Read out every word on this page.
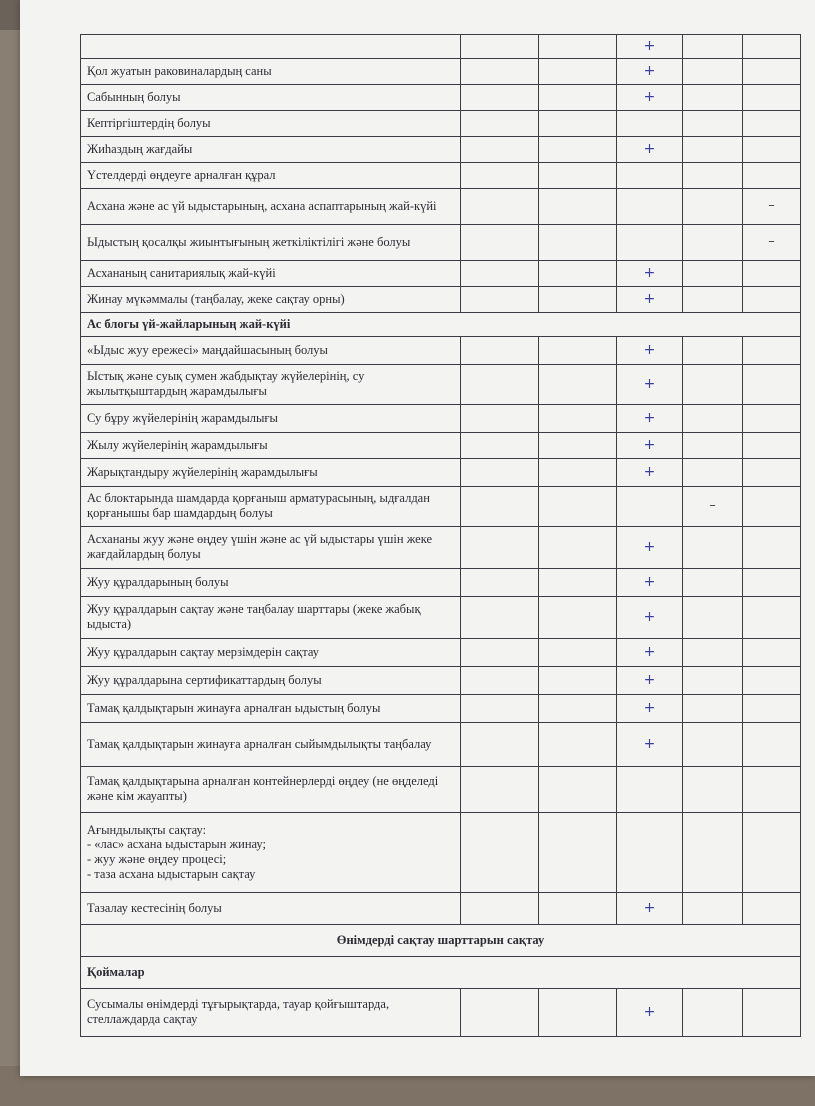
			+		
Қол жуатын раковиналардың саны			+		
Сабынның болуы			+		
Кептіргіштердің болуы					
Жиһаздың жағдайы			+		
Үстелдерді өңдеуге арналған құрал					
Асхана және ас үй ыдыстарының, асхана аспаптарының жай-күйі					–
Ыдыстың қосалқы жиынтығының жеткіліктілігі және болуы					–
Асхананың санитариялық жай-күйі			+		
Жинау мүкәммалы (таңбалау, жеке сақтау орны)			+		
Ас блогы үй-жайларының жай-күйі					
«Ыдыс жуу ережесі» маңдайшасының болуы			+		
Ыстық және суық сумен жабдықтау жүйелерінің, су жылытқыштардың жарамдылығы			+		
Су бұру жүйелерінің жарамдылығы			+		
Жылу жүйелерінің жарамдылығы			+		
Жарықтандыру жүйелерінің жарамдылығы			+		
Ас блоктарында шамдарда қорғаныш арматурасының, ыдғалдан қорғанышы бар шамдардың болуы				–	
Асхананы жуу және өңдеу үшін және ас үй ыдыстары үшін жеке жағдайлардың болуы			+		
Жуу құралдарының болуы			+		
Жуу құралдарын сақтау және таңбалау шарттары (жеке жабық ыдыста)			+		
Жуу құралдарын сақтау мерзімдерін сақтау			+		
Жуу құралдарына сертификаттардың болуы			+		
Тамақ қалдықтарын жинауға арналған ыдыстың болуы			+		
Тамақ қалдықтарын жинауға арналған сыйымдылықты таңбалау			+		
Тамақ қалдықтарына арналған контейнерлерді өңдеу (не өңделеді және кім жауапты)					

Ағындылықты сақтау:
- «лас» асхана ыдыстарын жинау;
- жуу және өңдеу процесі;
- таза асхана ыдыстарын сақтау					

Тазалау кестесінің болуы			+		
Өнімдерді сақтау шарттарын сақтау					
Қоймалар					
Сусымалы өнімдерді тұғырықтарда, тауар қойғыштарда, стеллаждарда сақтау			+		
